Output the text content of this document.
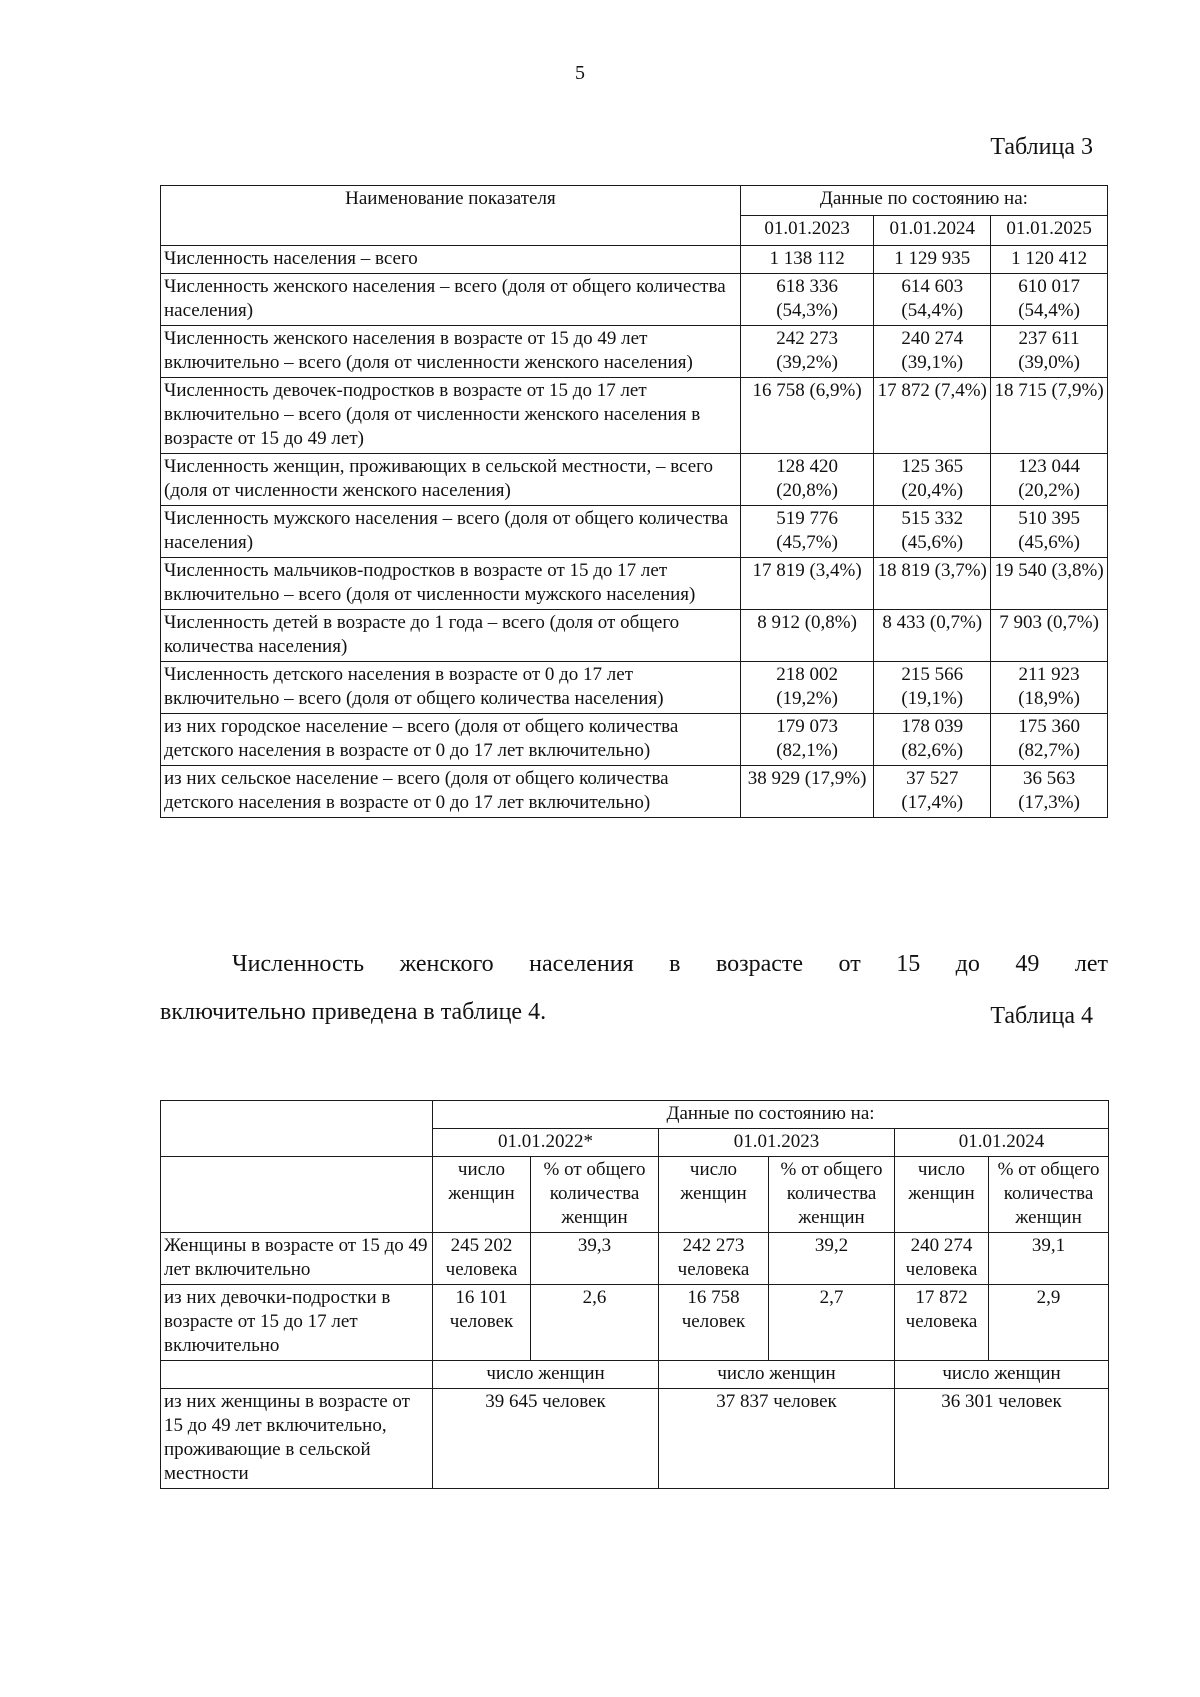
5
Таблица 3
Наименование показателя	Данные по состоянию на:		
	01.01.2023	01.01.2024	01.01.2025
Численность населения – всего	1 138 112	1 129 935	1 120 412
Численность женского населения – всего (доля от общего количества населения)	618 336 (54,3%)	614 603 (54,4%)	610 017 (54,4%)
Численность женского населения в возрасте от 15 до 49 лет включительно – всего (доля от численности женского населения)	242 273 (39,2%)	240 274 (39,1%)	237 611 (39,0%)
Численность девочек-подростков в возрасте от 15 до 17 лет включительно – всего (доля от численности женского населения в возрасте от 15 до 49 лет)	16 758 (6,9%)	17 872 (7,4%)	18 715 (7,9%)
Численность женщин, проживающих в сельской местности, – всего (доля от численности женского населения)	128 420 (20,8%)	125 365 (20,4%)	123 044 (20,2%)
Численность мужского населения – всего (доля от общего количества населения)	519 776 (45,7%)	515 332 (45,6%)	510 395 (45,6%)
Численность мальчиков-подростков в возрасте от 15 до 17 лет включительно – всего (доля от численности мужского населения)	17 819 (3,4%)	18 819 (3,7%)	19 540 (3,8%)
Численность детей в возрасте до 1 года – всего (доля от общего количества населения)	8 912 (0,8%)	8 433 (0,7%)	7 903 (0,7%)
Численность детского населения в возрасте от 0 до 17 лет включительно – всего (доля от общего количества населения)	218 002 (19,2%)	215 566 (19,1%)	211 923 (18,9%)
из них городское население – всего (доля от общего количества детского населения в возрасте от 0 до 17 лет включительно)	179 073 (82,1%)	178 039 (82,6%)	175 360 (82,7%)
из них сельское население – всего (доля от общего количества детского населения в возрасте от 0 до 17 лет включительно)	38 929 (17,9%)	37 527 (17,4%)	36 563 (17,3%)
Численность женского населения в возрасте от 15 до 49 лет
включительно приведена в таблице 4.	Таблица 4
	Данные по состоянию на:					
	01.01.2022*		01.01.2023		01.01.2024	
	число женщин	% от общего количества женщин	число женщин	% от общего количества женщин	число женщин	% от общего количества женщин
Женщины в возрасте от 15 до 49 лет включительно	245 202 человека	39,3	242 273 человека	39,2	240 274 человека	39,1
из них девочки-подростки в возрасте от 15 до 17 лет включительно	16 101 человек	2,6	16 758 человек	2,7	17 872 человека	2,9
	число женщин		число женщин		число женщин	
из них женщины в возрасте от 15 до 49 лет включительно, проживающие в сельской местности	39 645 человек		37 837 человек		36 301 человек	
